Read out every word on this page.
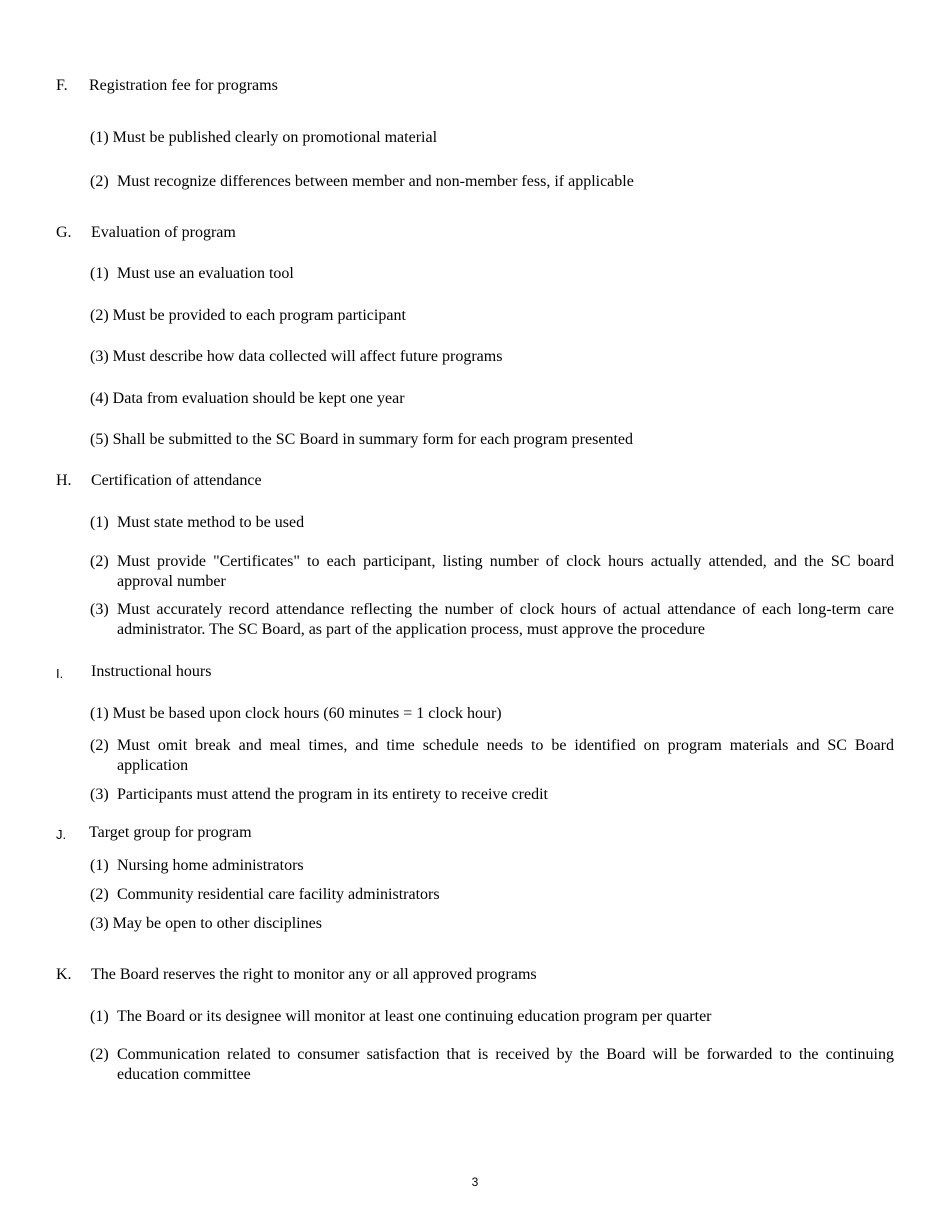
F. Registration fee for programs
(1) Must be published clearly on promotional material
(2) Must recognize differences between member and non-member fess, if applicable
G. Evaluation of program
(1) Must use an evaluation tool
(2) Must be provided to each program participant
(3) Must describe how data collected will affect future programs
(4) Data from evaluation should be kept one year
(5) Shall be submitted to the SC Board in summary form for each program presented
H. Certification of attendance
(1) Must state method to be used
(2) Must provide "Certificates" to each participant, listing number of clock hours actually attended, and the SC board approval number
(3) Must accurately record attendance reflecting the number of clock hours of actual attendance of each long-term care administrator. The SC Board, as part of the application process, must approve the procedure
I. Instructional hours
(1) Must be based upon clock hours (60 minutes = 1 clock hour)
(2) Must omit break and meal times, and time schedule needs to be identified on program materials and SC Board application
(3) Participants must attend the program in its entirety to receive credit
J. Target group for program
(1) Nursing home administrators
(2) Community residential care facility administrators
(3) May be open to other disciplines
K. The Board reserves the right to monitor any or all approved programs
(1) The Board or its designee will monitor at least one continuing education program per quarter
(2) Communication related to consumer satisfaction that is received by the Board will be forwarded to the continuing education committee
3
